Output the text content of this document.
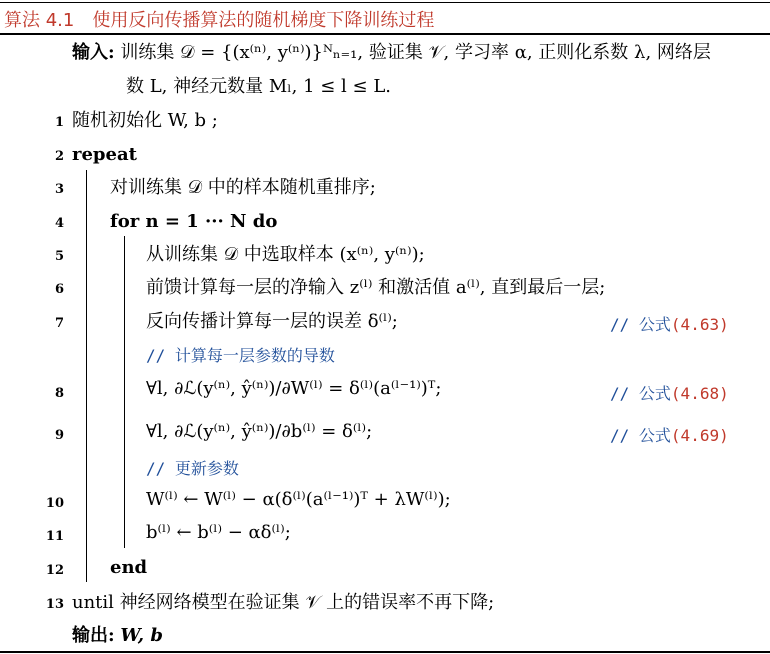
算法 4.1 使用反向传播算法的随机梯度下降训练过程
输入: 训练集 𝒟 = {(x⁽ⁿ⁾, y⁽ⁿ⁾)}ᴺₙ₌₁, 验证集 𝒱, 学习率 α, 正则化系数 λ, 网络层
数 L, 神经元数量 Mₗ, 1 ≤ l ≤ L.
1 随机初始化 W, b ;
2 repeat
3	对训练集 𝒟 中的样本随机重排序;
4	for n = 1 ··· N do
5	从训练集 𝒟 中选取样本 (x⁽ⁿ⁾, y⁽ⁿ⁾);
6	前馈计算每一层的净输入 z⁽ˡ⁾ 和激活值 a⁽ˡ⁾, 直到最后一层;
7	反向传播计算每一层的误差 δ⁽ˡ⁾;	// 公式(4.63)
// 计算每一层参数的导数
8	∀l, ∂ℒ(y⁽ⁿ⁾, ŷ⁽ⁿ⁾)/∂W⁽ˡ⁾ = δ⁽ˡ⁾(a⁽ˡ⁻¹⁾)ᵀ;	// 公式(4.68)
9	∀l, ∂ℒ(y⁽ⁿ⁾, ŷ⁽ⁿ⁾)/∂b⁽ˡ⁾ = δ⁽ˡ⁾;	// 公式(4.69)
// 更新参数
10	W⁽ˡ⁾ ← W⁽ˡ⁾ − α(δ⁽ˡ⁾(a⁽ˡ⁻¹⁾)ᵀ + λW⁽ˡ⁾);
11	b⁽ˡ⁾ ← b⁽ˡ⁾ − αδ⁽ˡ⁾;
12	end
13 until 神经网络模型在验证集 𝒱 上的错误率不再下降;
输出: W, b
